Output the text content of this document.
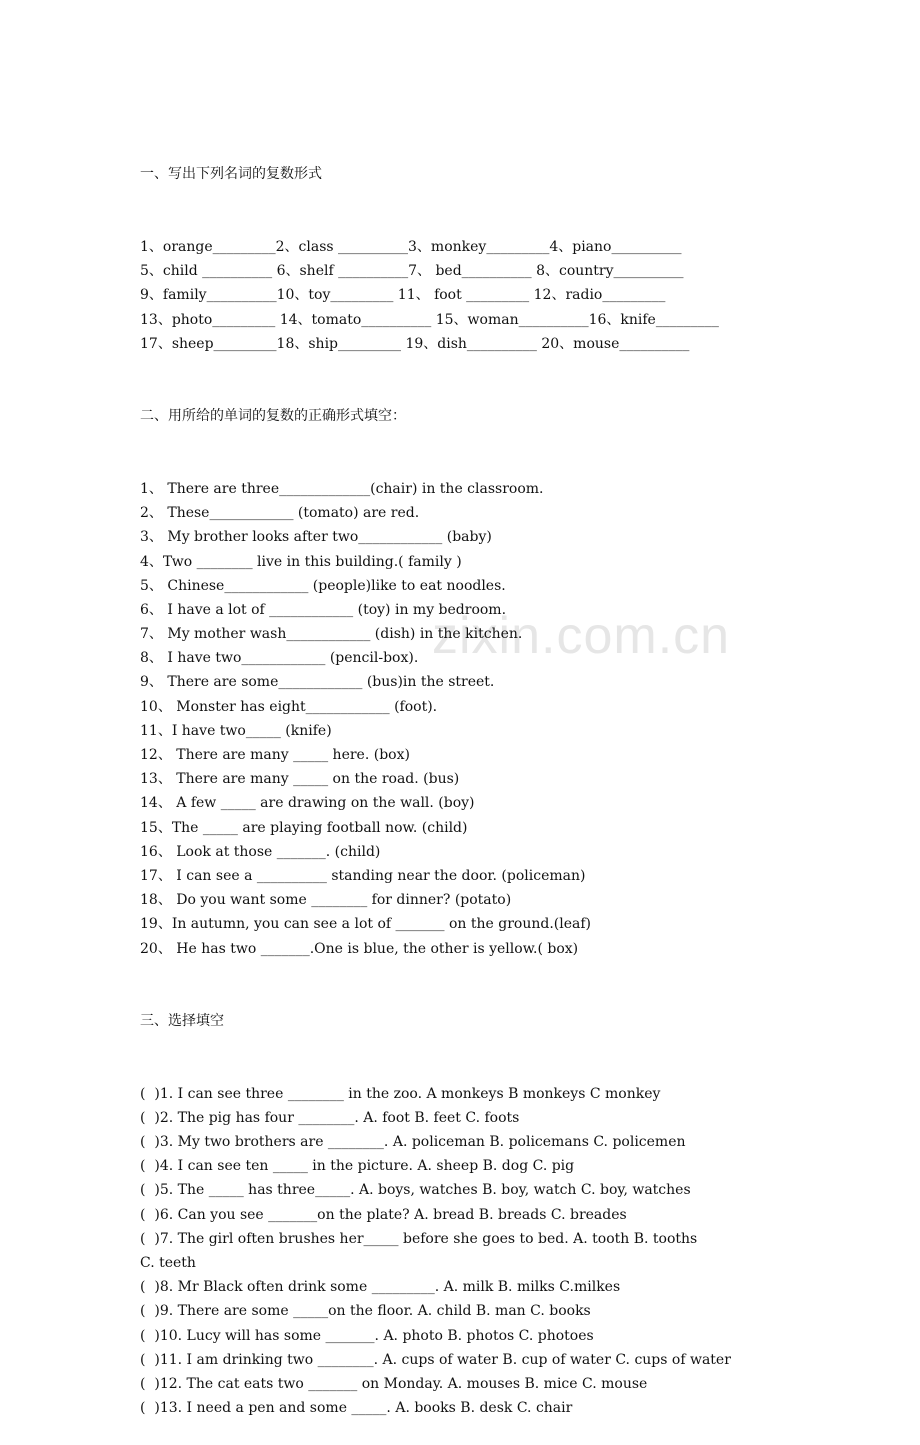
zixin.com.cn

一、写出下列名词的复数形式

1、orange_________2、class __________3、monkey_________4、piano__________
5、child __________ 6、shelf __________7、 bed__________ 8、country__________
9、family__________10、toy_________ 11、 foot _________ 12、radio_________
13、photo_________ 14、tomato__________ 15、woman__________16、knife_________
17、sheep_________18、ship_________ 19、dish__________ 20、mouse__________

二、用所给的单词的复数的正确形式填空：

1、 There are three_____________(chair) in the classroom.
2、 These____________ (tomato) are red.
3、 My brother looks after two____________ (baby)
4、Two ________ live in this building.( family )
5、 Chinese____________ (people)like to eat noodles.
6、 I have a lot of ____________ (toy) in my bedroom.
7、 My mother wash____________ (dish) in the kitchen.
8、 I have two____________ (pencil-box).
9、 There are some____________ (bus)in the street.
10、 Monster has eight____________ (foot).
11、I have two_____ (knife)
12、 There are many _____ here. (box)
13、 There are many _____ on the road. (bus)
14、 A few _____ are drawing on the wall. (boy)
15、The _____ are playing football now. (child)
16、 Look at those _______. (child)
17、 I can see a __________ standing near the door. (policeman)
18、 Do you want some ________ for dinner? (potato)
19、In autumn, you can see a lot of _______ on the ground.(leaf)
20、 He has two _______.One is blue, the other is yellow.( box)

三、选择填空

(  )1. I can see three ________ in the zoo. A monkeys B monkeys C monkey
(  )2. The pig has four ________. A. foot B. feet C. foots
(  )3. My two brothers are ________. A. policeman B. policemans C. policemen
(  )4. I can see ten _____ in the picture. A. sheep B. dog C. pig
(  )5. The _____ has three_____. A. boys, watches B. boy, watch C. boy, watches
(  )6. Can you see _______on the plate? A. bread B. breads C. breades
(  )7. The girl often brushes her_____ before she goes to bed. A. tooth B. tooths
C. teeth
(  )8. Mr Black often drink some _________. A. milk B. milks C.milkes
(  )9. There are some _____on the floor. A. child B. man C. books
(  )10. Lucy will has some _______. A. photo B. photos C. photoes
(  )11. I am drinking two ________. A. cups of water B. cup of water C. cups of water
(  )12. The cat eats two _______ on Monday. A. mouses B. mice C. mouse
(  )13. I need a pen and some _____. A. books B. desk C. chair
